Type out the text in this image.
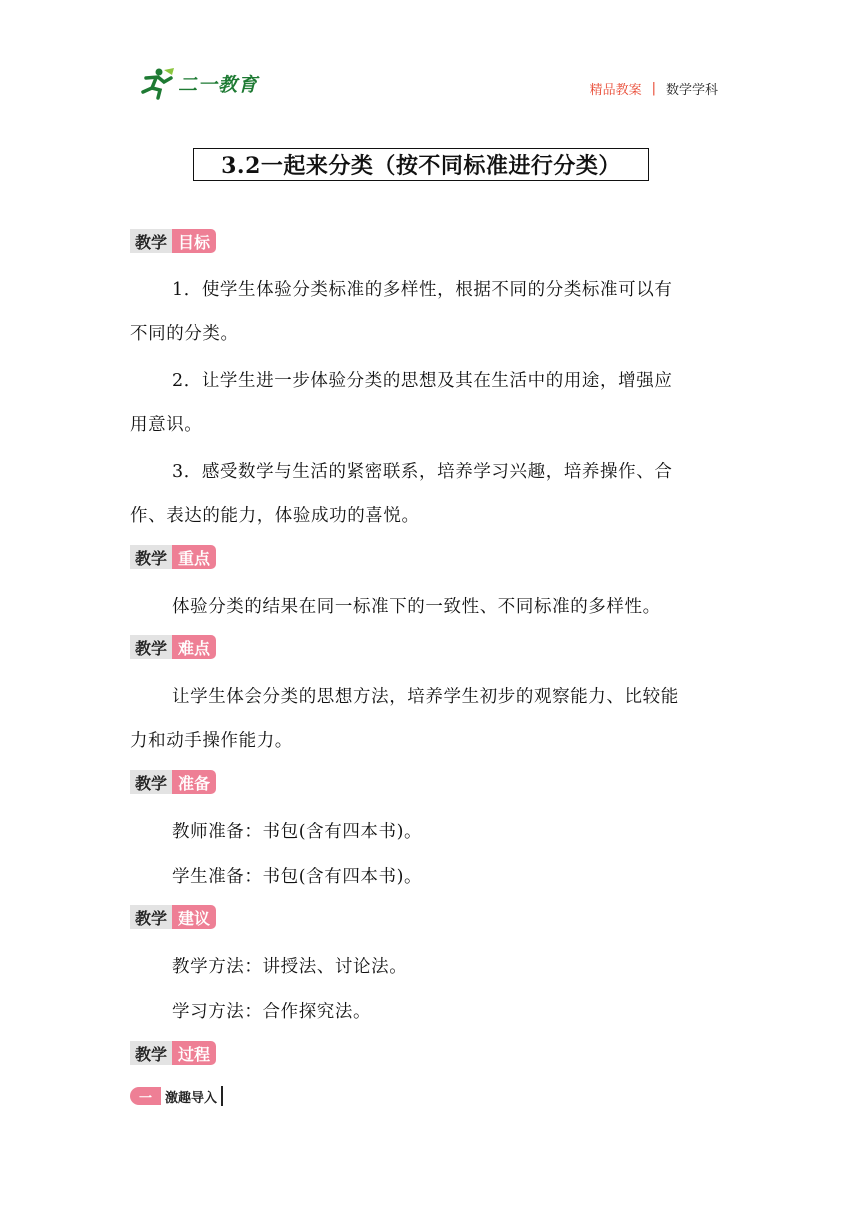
二一教育	精品教案 | 数学学科
3.2一起来分类（按不同标准进行分类）
教学 目标
1．使学生体验分类标准的多样性，根据不同的分类标准可以有
不同的分类。
2．让学生进一步体验分类的思想及其在生活中的用途，增强应
用意识。
3．感受数学与生活的紧密联系，培养学习兴趣，培养操作、合
作、表达的能力，体验成功的喜悦。
教学 重点
体验分类的结果在同一标准下的一致性、不同标准的多样性。
教学 难点
让学生体会分类的思想方法，培养学生初步的观察能力、比较能
力和动手操作能力。
教学 准备
教师准备：书包(含有四本书)。
学生准备：书包(含有四本书)。
教学 建议
教学方法：讲授法、讨论法。
学习方法：合作探究法。
教学 过程
一	激趣导入
